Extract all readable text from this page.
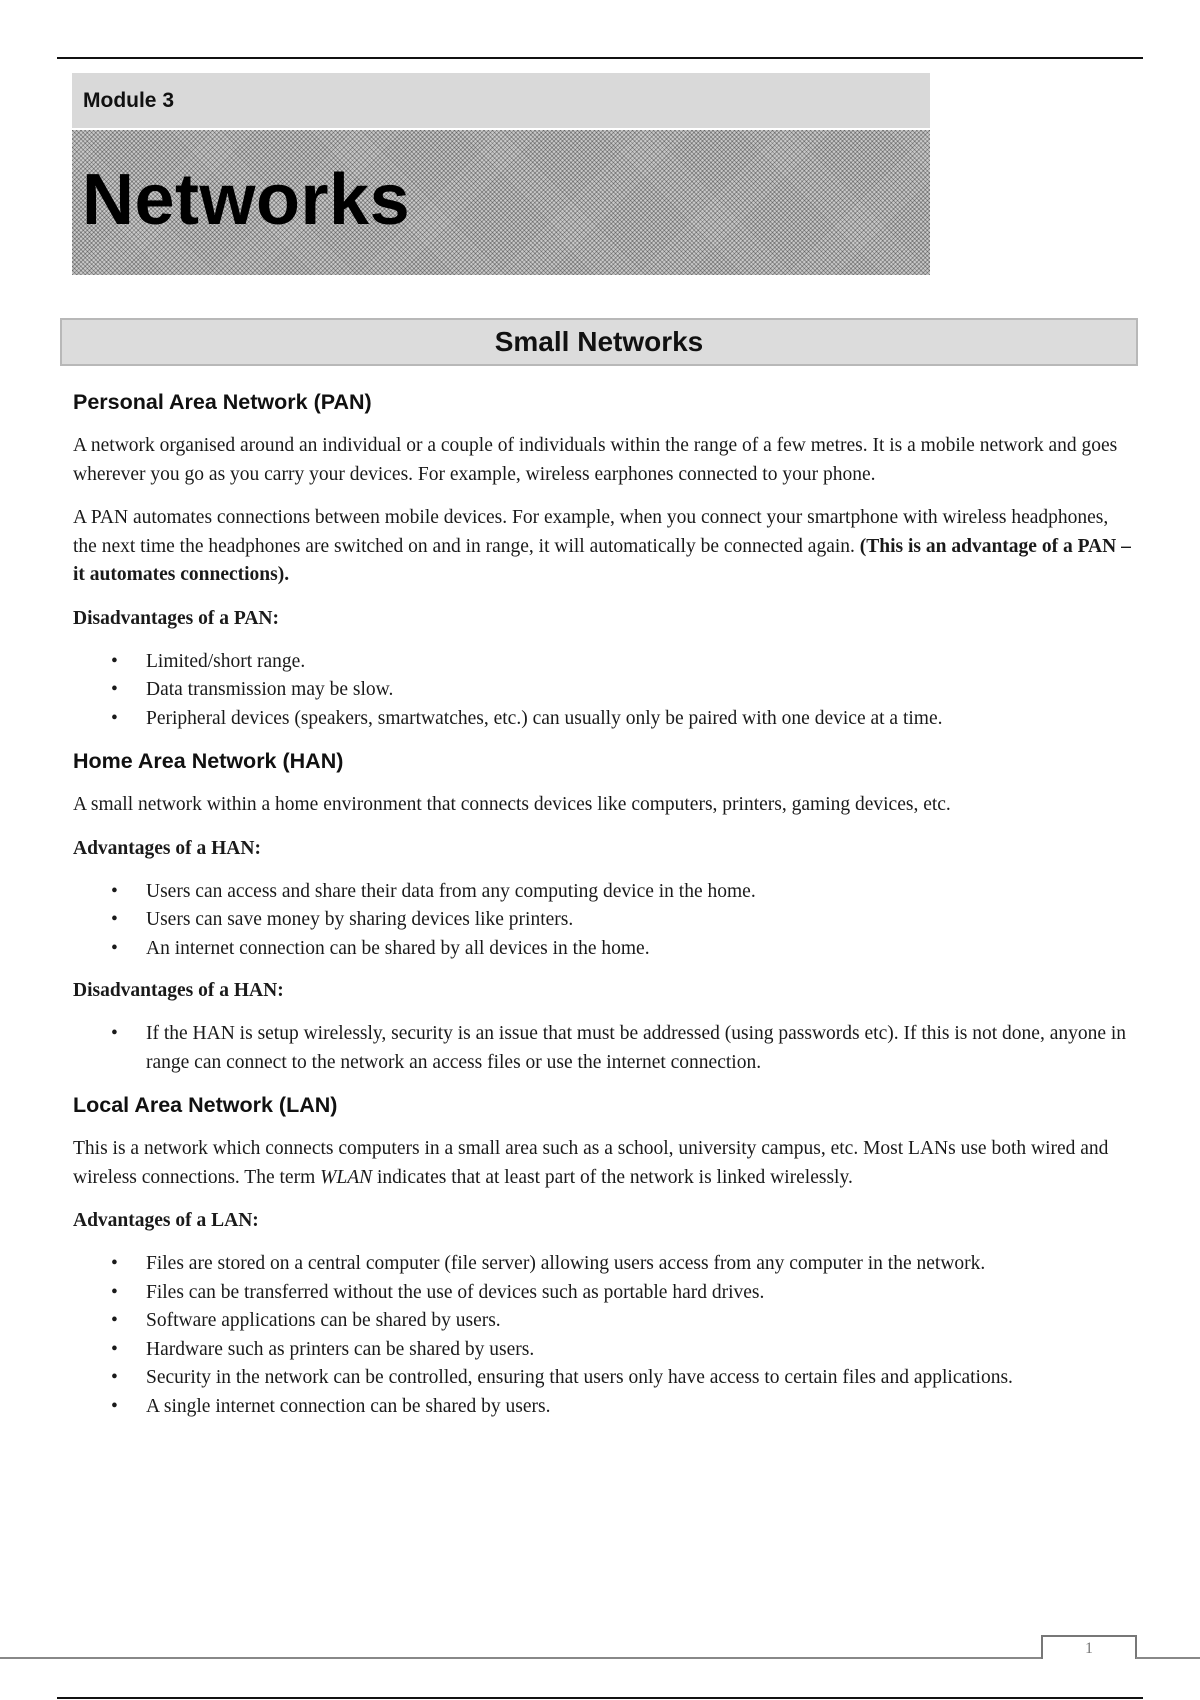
Module 3
Networks
Small Networks
Personal Area Network (PAN)

A network organised around an individual or a couple of individuals within the range of a few metres. It is a mobile network and goes wherever you go as you carry your devices. For example, wireless earphones connected to your phone.

A PAN automates connections between mobile devices. For example, when you connect your smartphone with wireless headphones, the next time the headphones are switched on and in range, it will automatically be connected again. (This is an advantage of a PAN – it automates connections).

Disadvantages of a PAN:

• Limited/short range.
• Data transmission may be slow.
• Peripheral devices (speakers, smartwatches, etc.) can usually only be paired with one device at a time.
Home Area Network (HAN)

A small network within a home environment that connects devices like computers, printers, gaming devices, etc.

Advantages of a HAN:

• Users can access and share their data from any computing device in the home.
• Users can save money by sharing devices like printers.
• An internet connection can be shared by all devices in the home.

Disadvantages of a HAN:

• If the HAN is setup wirelessly, security is an issue that must be addressed (using passwords etc). If this is not done, anyone in range can connect to the network an access files or use the internet connection.
Local Area Network (LAN)

This is a network which connects computers in a small area such as a school, university campus, etc. Most LANs use both wired and wireless connections. The term WLAN indicates that at least part of the network is linked wirelessly.

Advantages of a LAN:

• Files are stored on a central computer (file server) allowing users access from any computer in the network.
• Files can be transferred without the use of devices such as portable hard drives.
• Software applications can be shared by users.
• Hardware such as printers can be shared by users.
• Security in the network can be controlled, ensuring that users only have access to certain files and applications.
• A single internet connection can be shared by users.
1
